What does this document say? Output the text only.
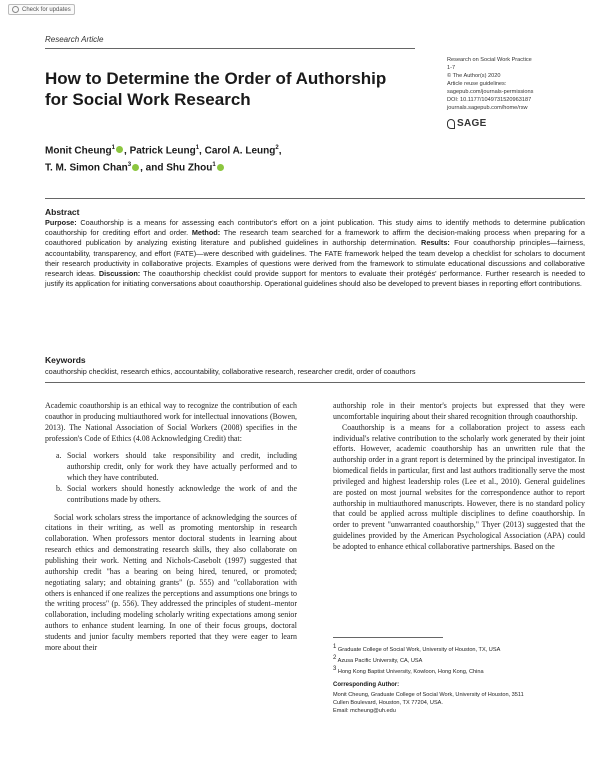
Check for updates
Research Article
How to Determine the Order of Authorship
for Social Work Research
Research on Social Work Practice
1-7
© The Author(s) 2020
Article reuse guidelines:
sagepub.com/journals-permissions
DOI: 10.1177/1049731520963187
journals.sagepub.com/home/rsw
SAGE
Monit Cheung$^1$ , Patrick Leung$^1$, Carol A. Leung$^2$,
T. M. Simon Chan$^3$ , and Shu Zhou$^1$
Abstract
Purpose: Coauthorship is a means for assessing each contributor's effort on a joint publication. This study aims to identify methods to determine publication coauthorship for crediting effort and order. Method: The research team searched for a framework to affirm the decision-making process when preparing for a coauthored publication by analyzing existing literature and published guidelines in authorship determination. Results: Four coauthorship principles—fairness, accountability, transparency, and effort (FATE)—were described with guidelines. The FATE framework helped the team develop a checklist for scholars to document their research productivity in collaborative projects. Examples of questions were derived from the framework to stimulate educational discussions and collaborative research ideas. Discussion: The coauthorship checklist could provide support for mentors to evaluate their protégés' performance. Further research is needed to justify its application for initiating conversations about coauthorship. Operational guidelines should also be developed to prevent biases in reporting effort contributions.
Keywords
coauthorship checklist, research ethics, accountability, collaborative research, researcher credit, order of coauthors

Academic coauthorship is an ethical way to recognize the contribution of each coauthor in producing multiauthored work for intellectual innovations (Bowen, 2013). The National Association of Social Workers (2008) specifies in the profession's Code of Ethics (4.08 Acknowledging Credit) that:

a. Social workers should take responsibility and credit, including authorship credit, only for work they have actually performed and to which they have contributed.
b. Social workers should honestly acknowledge the work of and the contributions made by others.

Social work scholars stress the importance of acknowledging the sources of citations in their writing, as well as promoting mentorship in research collaboration. When professors mentor doctoral students in learning about research ethics and demonstrating research skills, they also collaborate on publishing their work. Netting and Nichols-Casebolt (1997) suggested that authorship credit "has a bearing on being hired, tenured, or promoted; negotiating salary; and obtaining grants" (p. 555) and "collaboration with others is enhanced if one realizes the perceptions and assumptions one brings to the writing process" (p. 556). They addressed the principles of student–mentor collaboration, including modeling scholarly writing expectations among senior authors to enhance student learning. In one of their focus groups, doctoral students and junior faculty members reported that they were eager to learn more about their

authorship role in their mentor's projects but expressed that they were uncomfortable inquiring about their shared recognition through coauthorship.

Coauthorship is a means for a collaboration project to assess each individual's relative contribution to the scholarly work generated by their joint efforts. However, academic coauthorship has an unwritten rule that the authorship order in a grant report is determined by the principal investigator. In biomedical fields in particular, first and last authors traditionally serve the most privileged and highest leadership roles (Lee et al., 2010). General guidelines are posted on most journal websites for the correspondence author to report authorship in multiauthored manuscripts. However, there is no standard policy that could be applied across multiple disciplines to define coauthorship. In order to prevent "unwarranted coauthorship," Thyer (2013) suggested that the guidelines provided by the American Psychological Association (APA) could be adopted to enhance ethical collaborative partnerships. Based on the

$^1$ Graduate College of Social Work, University of Houston, TX, USA
$^2$ Azusa Pacific University, CA, USA
$^3$ Hong Kong Baptist University, Kowloon, Hong Kong, China
Corresponding Author:
Monit Cheung, Graduate College of Social Work, University of Houston, 3511
Cullen Boulevard, Houston, TX 77204, USA.
Email: mcheung@uh.edu
